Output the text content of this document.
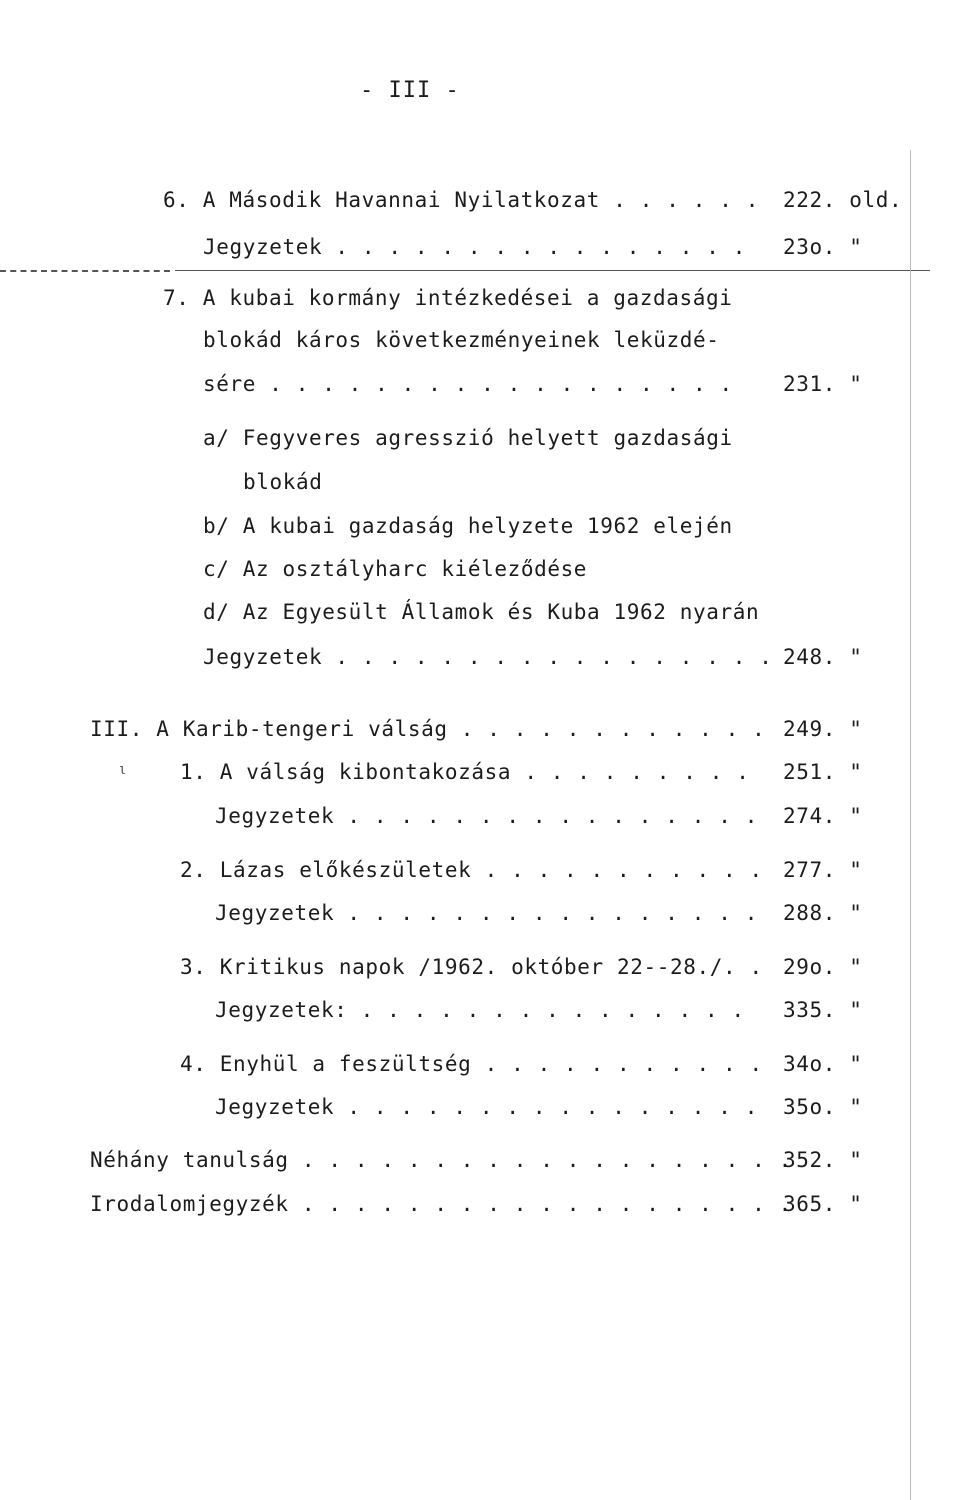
- III -
6. A Második Havannai Nyilatkozat . . . . . . 222. old.
Jegyzetek . . . . . . . . . . . . . . . . 23o. "
7. A kubai kormány intézkedései a gazdasági
blokád káros következményeinek leküzdé-
sére . . . . . . . . . . . . . . . . . . 231. "
a/ Fegyveres agresszió helyett gazdasági
blokád
b/ A kubai gazdaság helyzete 1962 elején
c/ Az osztályharc kiéleződése
d/ Az Egyesült Államok és Kuba 1962 nyarán
Jegyzetek . . . . . . . . . . . . . . . . . 248. "
III. A Karib-tengeri válság . . . . . . . . . . . . 249. "
ι	1. A válság kibontakozása . . . . . . . . . 251. "
Jegyzetek . . . . . . . . . . . . . . . . 274. "
2. Lázas előkészületek . . . . . . . . . . . 277. "
Jegyzetek . . . . . . . . . . . . . . . . 288. "
3. Kritikus napok /1962. október 22--28./. . 29o. "
Jegyzetek: . . . . . . . . . . . . . . . 335. "
4. Enyhül a feszültség . . . . . . . . . . . 34o. "
Jegyzetek . . . . . . . . . . . . . . . . 35o. "
Néhány tanulság . . . . . . . . . . . . . . . . . . .
352. "
Irodalomjegyzék . . . . . . . . . . . . . . . . . . .
365. "
